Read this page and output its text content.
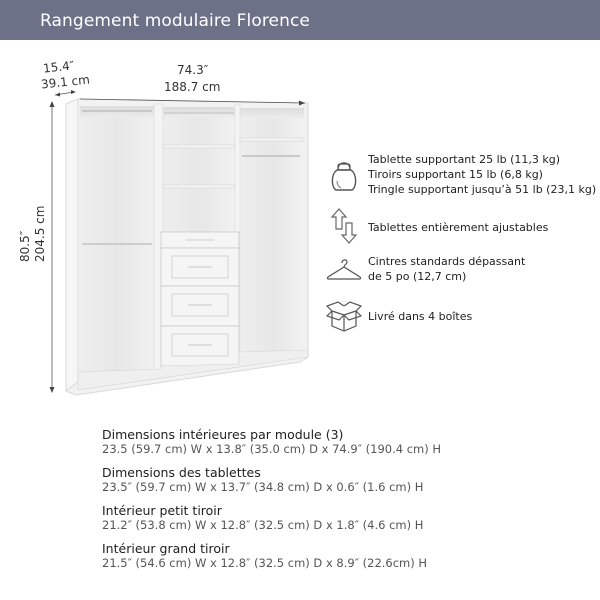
Rangement modulaire Florence
15.4″
39.1 cm
74.3″
188.7 cm
80.5″ 204.5 cm
Tablette supportant 25 lb (11,3 kg)
Tiroirs supportant 15 lb (6,8 kg)
Tringle supportant jusqu’à 51 lb (23,1 kg)
Tablettes entièrement ajustables
Cintres standards dépassant
de 5 po (12,7 cm)
Livré dans 4 boîtes
Dimensions intérieures par module (3)
23.5 (59.7 cm) W x 13.8″ (35.0 cm) D x 74.9″ (190.4 cm) H
Dimensions des tablettes
23.5″ (59.7 cm) W x 13.7″ (34.8 cm) D x 0.6″ (1.6 cm) H
Intérieur petit tiroir
21.2″ (53.8 cm) W x 12.8″ (32.5 cm) D x 1.8″ (4.6 cm) H
Intérieur grand tiroir
21.5″ (54.6 cm) W x 12.8″ (32.5 cm) D x 8.9″ (22.6cm) H
